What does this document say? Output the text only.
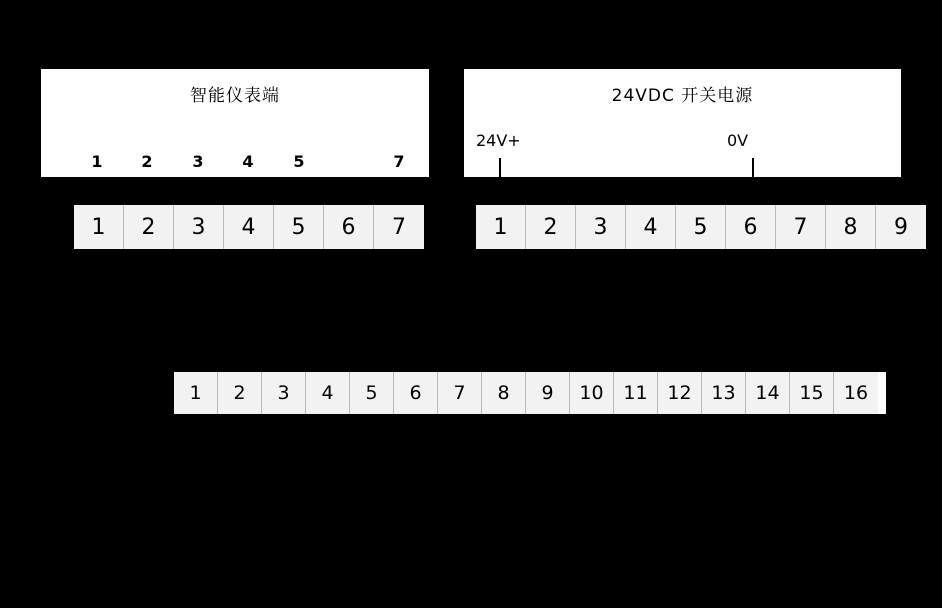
智能仪表端
1	2	3	4	5	7
1	2	3	4	5	6	7
X2
24VDC 开关电源
24V+	0V
1	2	3	4	5	6	7	8	9
X3
1	2	3	4	5	6	7	8	9	10	11	12	13	14	15	16
X1
湿度
传感器
温度
传感器
差压
传感器
风门反馈	风阀	加热
调压模块
控制信号
调节阀
控制信号
